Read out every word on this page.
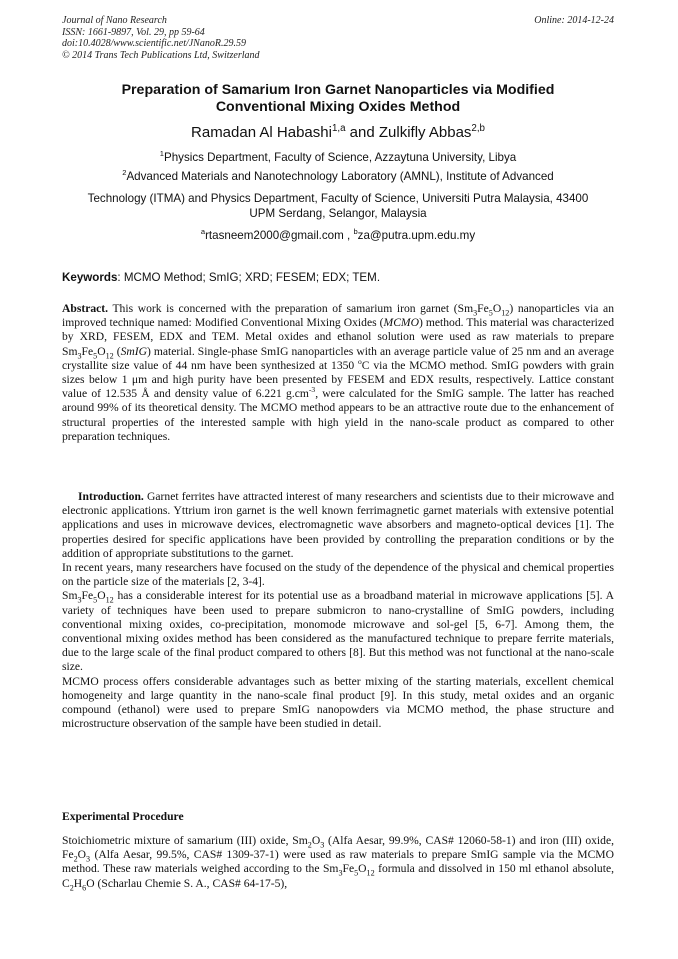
Journal of Nano Research
ISSN: 1661-9897, Vol. 29, pp 59-64
doi:10.4028/www.scientific.net/JNanoR.29.59
© 2014 Trans Tech Publications Ltd, Switzerland
Online: 2014-12-24
Preparation of Samarium Iron Garnet Nanoparticles via Modified
Conventional Mixing Oxides Method
Ramadan Al Habashi$^{1,a}$ and Zulkifly Abbas$^{2,b}$
$^1$Physics Department, Faculty of Science, Azzaytuna University, Libya
$^2$Advanced Materials and Nanotechnology Laboratory (AMNL), Institute of Advanced
Technology (ITMA) and Physics Department, Faculty of Science, Universiti Putra Malaysia, 43400
UPM Serdang, Selangor, Malaysia
$^a$rtasneem2000@gmail.com , $^b$za@putra.upm.edu.my
Keywords: MCMO Method; SmIG; XRD; FESEM; EDX; TEM.

Abstract. This work is concerned with the preparation of samarium iron garnet $(Sm_3Fe_5O_{12})$ nanoparticles via an improved technique named: Modified Conventional Mixing Oxides (MCMO) method. This material was characterized by XRD, FESEM, EDX and TEM. Metal oxides and ethanol solution were used as raw materials to prepare $Sm_3Fe_5O_{12}$ (SmIG) material. Single-phase SmIG nanoparticles with an average particle value of 25 nm and an average crystallite size value of 44 nm have been synthesized at 1350 $^o$C via the MCMO method. SmIG powders with grain sizes below 1 μm and high purity have been presented by FESEM and EDX results, respectively. Lattice constant value of 12.535 Å and density value of 6.221 $g.cm^{-3}$, were calculated for the SmIG sample. The latter has reached around 99% of its theoretical density. The MCMO method appears to be an attractive route due to the enhancement of structural properties of the interested sample with high yield in the nano-scale product as compared to other preparation techniques.

Introduction. Garnet ferrites have attracted interest of many researchers and scientists due to their microwave and electronic applications. Yttrium iron garnet is the well known ferrimagnetic garnet materials with extensive potential applications and uses in microwave devices, electromagnetic wave absorbers and magneto-optical devices [1]. The properties desired for specific applications have been provided by controlling the preparation conditions or by the addition of appropriate substitutions to the garnet.

In recent years, many researchers have focused on the study of the dependence of the physical and chemical properties on the particle size of the materials [2, 3-4].

$Sm_3Fe_5O_{12}$ has a considerable interest for its potential use as a broadband material in microwave applications [5]. A variety of techniques have been used to prepare submicron to nano-crystalline of SmIG powders, including conventional mixing oxides, co-precipitation, monomode microwave and sol-gel [5, 6-7]. Among them, the conventional mixing oxides method has been considered as the manufactured technique to prepare ferrite materials, due to the large scale of the final product compared to others [8]. But this method was not functional at the nano-scale size.

MCMO process offers considerable advantages such as better mixing of the starting materials, excellent chemical homogeneity and large quantity in the nano-scale final product [9]. In this study, metal oxides and an organic compound (ethanol) were used to prepare SmIG nanopowders via MCMO method, the phase structure and microstructure observation of the sample have been studied in detail.

Experimental Procedure

Stoichiometric mixture of samarium (III) oxide, $Sm_2O_3$ (Alfa Aesar, 99.9%, CAS# 12060-58-1) and iron (III) oxide, $Fe_2O_3$ (Alfa Aesar, 99.5%, CAS# 1309-37-1) were used as raw materials to prepare SmIG sample via the MCMO method. These raw materials weighed according to the $Sm_3Fe_5O_{12}$ formula and dissolved in 150 ml ethanol absolute, $C_2H_6O$ (Scharlau Chemie S. A., CAS# 64-17-5),
